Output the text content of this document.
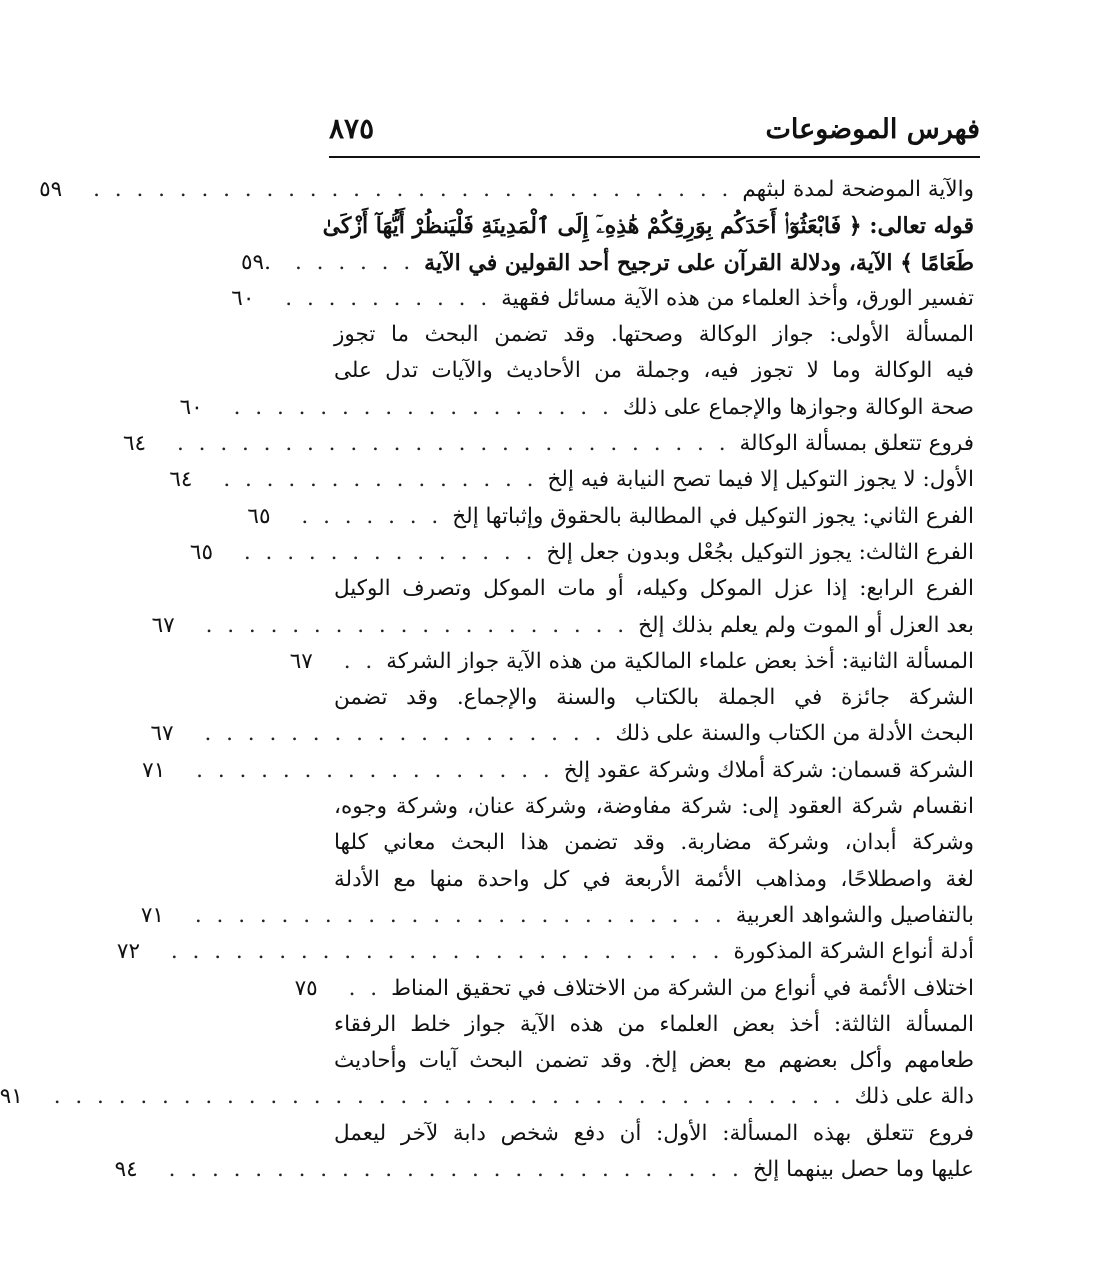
فهرس الموضوعات
٨٧٥
والآية الموضحة لمدة لبثهم
. . . . . . . . . . . . . . . . . . . . . . . . . . . . . .
٥٩
قوله تعالى: ﴿ فَابْعَثُوٓا۟ أَحَدَكُم بِوَرِقِكُمْ هَٰذِهِۦٓ إِلَى ٱلْمَدِينَةِ فَلْيَنظُرْ أَيُّهَآ أَزْكَىٰ
طَعَامًا ﴾ الآية، ودلالة القرآن على ترجيح أحد القولين في الآية
. . . . . .
٥٩.
تفسير الورق، وأخذ العلماء من هذه الآية مسائل فقهية
. . . . . . . . . .
٦٠
المسألة الأولى: جواز الوكالة وصحتها. وقد تضمن البحث ما تجوز
فيه الوكالة وما لا تجوز فيه، وجملة من الأحاديث والآيات تدل على
صحة الوكالة وجوازها والإجماع على ذلك
. . . . . . . . . . . . . . . . . .
٦٠
فروع تتعلق بمسألة الوكالة
. . . . . . . . . . . . . . . . . . . . . . . . . .
٦٤
الأول: لا يجوز التوكيل إلا فيما تصح النيابة فيه إلخ
. . . . . . . . . . . . . . .
٦٤
الفرع الثاني: يجوز التوكيل في المطالبة بالحقوق وإثباتها إلخ
. . . . . . .
٦٥
الفرع الثالث: يجوز التوكيل بجُعْل وبدون جعل إلخ
. . . . . . . . . . . . . .
٦٥
الفرع الرابع: إذا عزل الموكل وكيله، أو مات الموكل وتصرف الوكيل
بعد العزل أو الموت ولم يعلم بذلك إلخ
. . . . . . . . . . . . . . . . . . . .
٦٧
المسألة الثانية: أخذ بعض علماء المالكية من هذه الآية جواز الشركة
. .
٦٧
الشركة جائزة في الجملة بالكتاب والسنة والإجماع. وقد تضمن
البحث الأدلة من الكتاب والسنة على ذلك
. . . . . . . . . . . . . . . . . . .
٦٧
الشركة قسمان: شركة أملاك وشركة عقود إلخ
. . . . . . . . . . . . . . . . .
٧١
انقسام شركة العقود إلى: شركة مفاوضة، وشركة عنان، وشركة وجوه،
وشركة أبدان، وشركة مضاربة. وقد تضمن هذا البحث معاني كلها
لغة واصطلاحًا، ومذاهب الأئمة الأربعة في كل واحدة منها مع الأدلة
بالتفاصيل والشواهد العربية
. . . . . . . . . . . . . . . . . . . . . . . . .
٧١
أدلة أنواع الشركة المذكورة
. . . . . . . . . . . . . . . . . . . . . . . . . .
٧٢
اختلاف الأئمة في أنواع من الشركة من الاختلاف في تحقيق المناط
. .
٧٥
المسألة الثالثة: أخذ بعض العلماء من هذه الآية جواز خلط الرفقاء
طعامهم وأكل بعضهم مع بعض إلخ. وقد تضمن البحث آيات وأحاديث
دالة على ذلك
. . . . . . . . . . . . . . . . . . . . . . . . . . . . . . . . . . . . .
٩١
فروع تتعلق بهذه المسألة: الأول: أن دفع شخص دابة لآخر ليعمل
عليها وما حصل بينهما إلخ
. . . . . . . . . . . . . . . . . . . . . . . . . . .
٩٤
